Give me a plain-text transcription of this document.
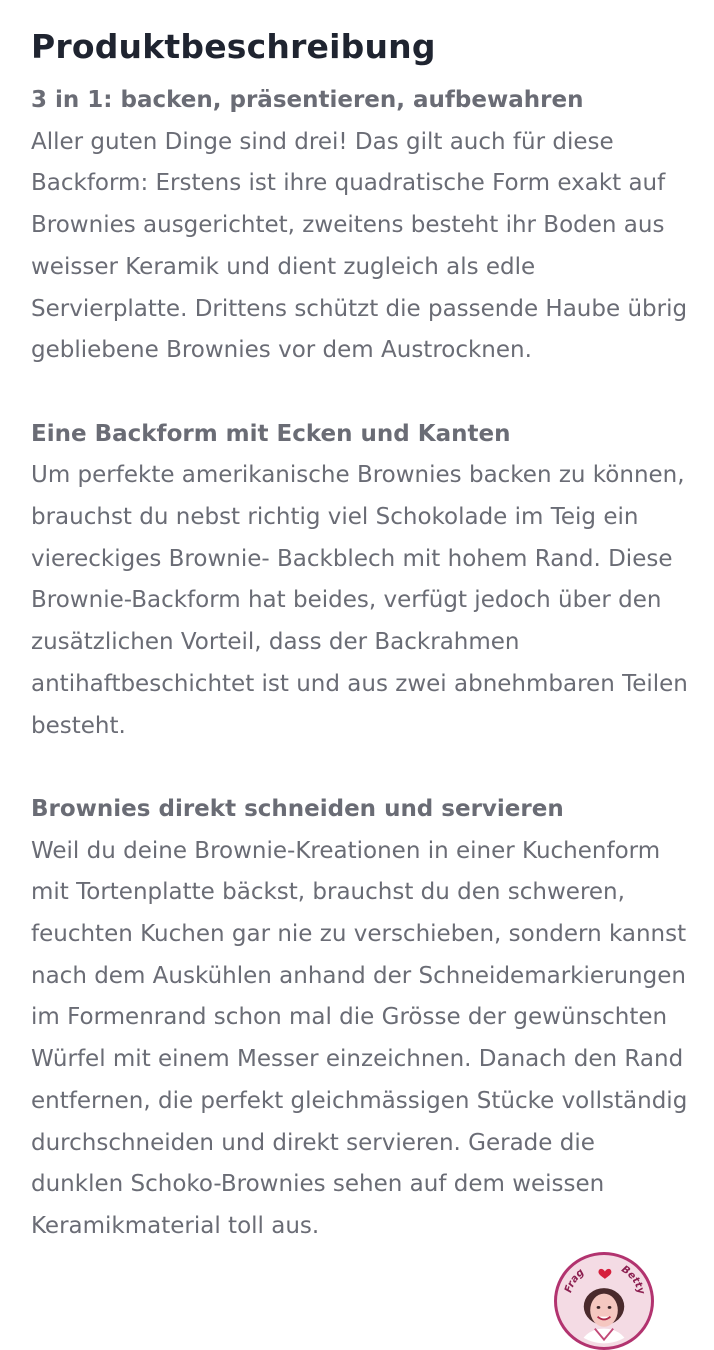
Produktbeschreibung

3 in 1: backen, präsentieren, aufbewahren
Aller guten Dinge sind drei! Das gilt auch für diese Backform: Erstens ist ihre quadratische Form exakt auf Brownies ausgerichtet, zweitens besteht ihr Boden aus weisser Keramik und dient zugleich als edle Servierplatte. Drittens schützt die passende Haube übrig gebliebene Brownies vor dem Austrocknen.

Eine Backform mit Ecken und Kanten
Um perfekte amerikanische Brownies backen zu können, brauchst du nebst richtig viel Schokolade im Teig ein viereckiges Brownie- Backblech mit hohem Rand. Diese Brownie-Backform hat beides, verfügt jedoch über den zusätzlichen Vorteil, dass der Backrahmen antihaftbeschichtet ist und aus zwei abnehmbaren Teilen besteht.

Brownies direkt schneiden und servieren
Weil du deine Brownie-Kreationen in einer Kuchenform mit Tortenplatte bäckst, brauchst du den schweren, feuchten Kuchen gar nie zu verschieben, sondern kannst nach dem Auskühlen anhand der Schneidemarkierungen im Formenrand schon mal die Grösse der gewünschten Würfel mit einem Messer einzeichnen. Danach den Rand entfernen, die perfekt gleichmässigen Stücke vollständig durchschneiden und direkt servieren. Gerade die dunklen Schoko-Brownies sehen auf dem weissen Keramikmaterial toll aus.

Frag	Betty
